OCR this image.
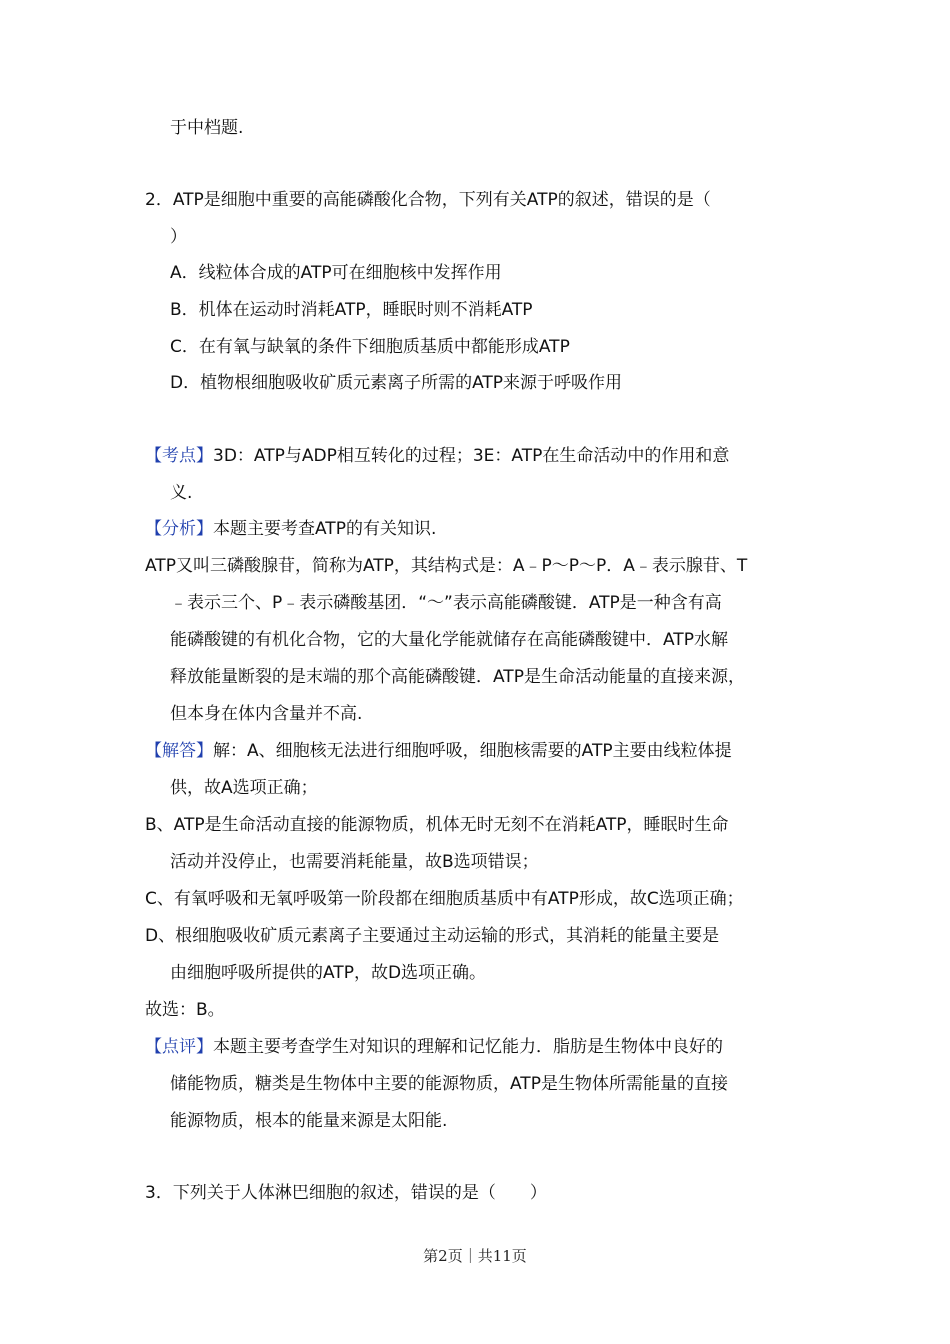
于中档题.
2．ATP是细胞中重要的高能磷酸化合物，下列有关ATP的叙述，错误的是（
）
A．线粒体合成的ATP可在细胞核中发挥作用
B．机体在运动时消耗ATP，睡眠时则不消耗ATP
C．在有氧与缺氧的条件下细胞质基质中都能形成ATP
D．植物根细胞吸收矿质元素离子所需的ATP来源于呼吸作用
【考点】3D：ATP与ADP相互转化的过程；3E：ATP在生命活动中的作用和意
义.
【分析】本题主要考查ATP的有关知识.
ATP又叫三磷酸腺苷，简称为ATP，其结构式是：A﹣P～P～P．A﹣表示腺苷、T
﹣表示三个、P﹣表示磷酸基团．“～”表示高能磷酸键．ATP是一种含有高
能磷酸键的有机化合物，它的大量化学能就储存在高能磷酸键中．ATP水解
释放能量断裂的是末端的那个高能磷酸键．ATP是生命活动能量的直接来源，
但本身在体内含量并不高.
【解答】解：A、细胞核无法进行细胞呼吸，细胞核需要的ATP主要由线粒体提
供，故A选项正确；
B、ATP是生命活动直接的能源物质，机体无时无刻不在消耗ATP，睡眠时生命
活动并没停止，也需要消耗能量，故B选项错误；
C、有氧呼吸和无氧呼吸第一阶段都在细胞质基质中有ATP形成，故C选项正确；
D、根细胞吸收矿质元素离子主要通过主动运输的形式，其消耗的能量主要是
由细胞呼吸所提供的ATP，故D选项正确。
故选：B。
【点评】本题主要考查学生对知识的理解和记忆能力．脂肪是生物体中良好的
储能物质，糖类是生物体中主要的能源物质，ATP是生物体所需能量的直接
能源物质，根本的能量来源是太阳能.
3．下列关于人体淋巴细胞的叙述，错误的是（　　）
第2页｜共11页
